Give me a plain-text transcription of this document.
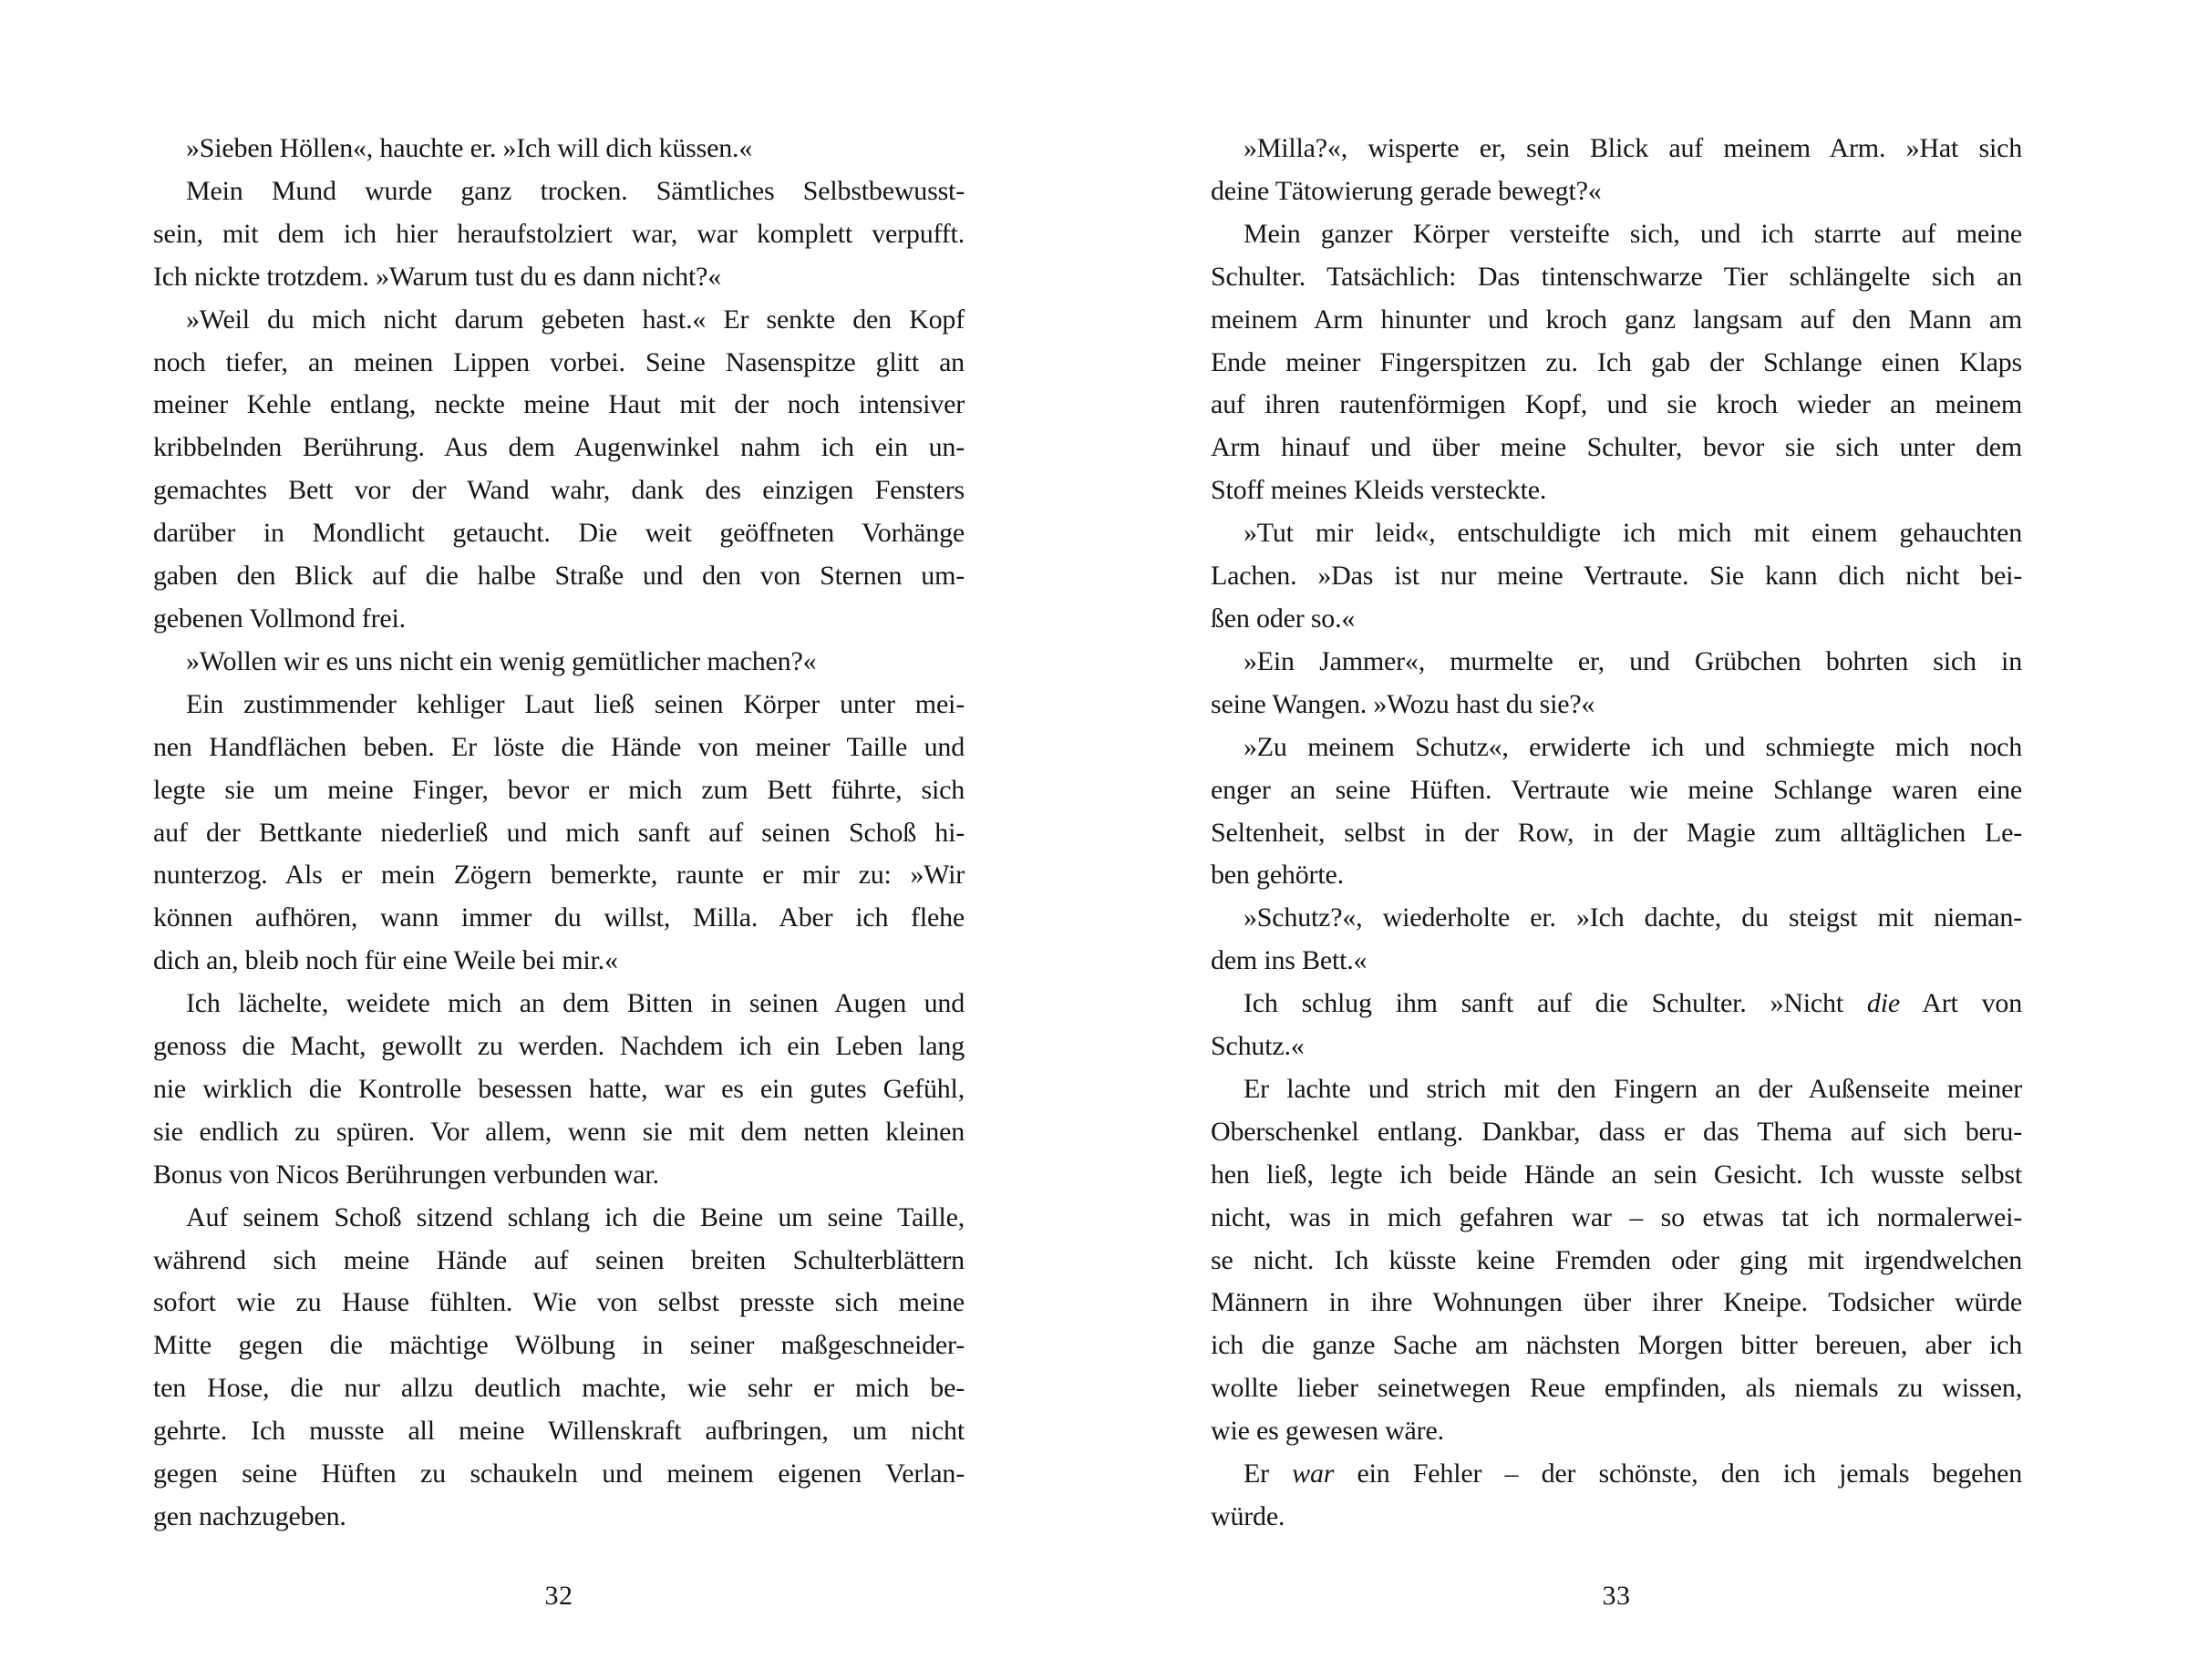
»Sieben Höllen«, hauchte er. »Ich will dich küssen.«
Mein Mund wurde ganz trocken. Sämtliches Selbstbewusst-
sein, mit dem ich hier heraufstolziert war, war komplett verpufft.
Ich nickte trotzdem. »Warum tust du es dann nicht?«
»Weil du mich nicht darum gebeten hast.« Er senkte den Kopf
noch tiefer, an meinen Lippen vorbei. Seine Nasenspitze glitt an
meiner Kehle entlang, neckte meine Haut mit der noch intensiver
kribbelnden Berührung. Aus dem Augenwinkel nahm ich ein un-
gemachtes Bett vor der Wand wahr, dank des einzigen Fensters
darüber in Mondlicht getaucht. Die weit geöffneten Vorhänge
gaben den Blick auf die halbe Straße und den von Sternen um-
gebenen Vollmond frei.
»Wollen wir es uns nicht ein wenig gemütlicher machen?«
Ein zustimmender kehliger Laut ließ seinen Körper unter mei-
nen Handflächen beben. Er löste die Hände von meiner Taille und
legte sie um meine Finger, bevor er mich zum Bett führte, sich
auf der Bettkante niederließ und mich sanft auf seinen Schoß hi-
nunterzog. Als er mein Zögern bemerkte, raunte er mir zu: »Wir
können aufhören, wann immer du willst, Milla. Aber ich flehe
dich an, bleib noch für eine Weile bei mir.«
Ich lächelte, weidete mich an dem Bitten in seinen Augen und
genoss die Macht, gewollt zu werden. Nachdem ich ein Leben lang
nie wirklich die Kontrolle besessen hatte, war es ein gutes Gefühl,
sie endlich zu spüren. Vor allem, wenn sie mit dem netten kleinen
Bonus von Nicos Berührungen verbunden war.
Auf seinem Schoß sitzend schlang ich die Beine um seine Taille,
während sich meine Hände auf seinen breiten Schulterblättern
sofort wie zu Hause fühlten. Wie von selbst presste sich meine
Mitte gegen die mächtige Wölbung in seiner maßgeschneider-
ten Hose, die nur allzu deutlich machte, wie sehr er mich be-
gehrte. Ich musste all meine Willenskraft aufbringen, um nicht
gegen seine Hüften zu schaukeln und meinem eigenen Verlan-
gen nachzugeben.
»Milla?«, wisperte er, sein Blick auf meinem Arm. »Hat sich
deine Tätowierung gerade bewegt?«
Mein ganzer Körper versteifte sich, und ich starrte auf meine
Schulter. Tatsächlich: Das tintenschwarze Tier schlängelte sich an
meinem Arm hinunter und kroch ganz langsam auf den Mann am
Ende meiner Fingerspitzen zu. Ich gab der Schlange einen Klaps
auf ihren rautenförmigen Kopf, und sie kroch wieder an meinem
Arm hinauf und über meine Schulter, bevor sie sich unter dem
Stoff meines Kleids versteckte.
»Tut mir leid«, entschuldigte ich mich mit einem gehauchten
Lachen. »Das ist nur meine Vertraute. Sie kann dich nicht bei-
ßen oder so.«
»Ein Jammer«, murmelte er, und Grübchen bohrten sich in
seine Wangen. »Wozu hast du sie?«
»Zu meinem Schutz«, erwiderte ich und schmiegte mich noch
enger an seine Hüften. Vertraute wie meine Schlange waren eine
Seltenheit, selbst in der Row, in der Magie zum alltäglichen Le-
ben gehörte.
»Schutz?«, wiederholte er. »Ich dachte, du steigst mit nieman-
dem ins Bett.«
Ich schlug ihm sanft auf die Schulter. »Nicht die Art von
Schutz.«
Er lachte und strich mit den Fingern an der Außenseite meiner
Oberschenkel entlang. Dankbar, dass er das Thema auf sich beru-
hen ließ, legte ich beide Hände an sein Gesicht. Ich wusste selbst
nicht, was in mich gefahren war – so etwas tat ich normalerwei-
se nicht. Ich küsste keine Fremden oder ging mit irgendwelchen
Männern in ihre Wohnungen über ihrer Kneipe. Todsicher würde
ich die ganze Sache am nächsten Morgen bitter bereuen, aber ich
wollte lieber seinetwegen Reue empfinden, als niemals zu wissen,
wie es gewesen wäre.
Er war ein Fehler – der schönste, den ich jemals begehen
würde.
32	33
